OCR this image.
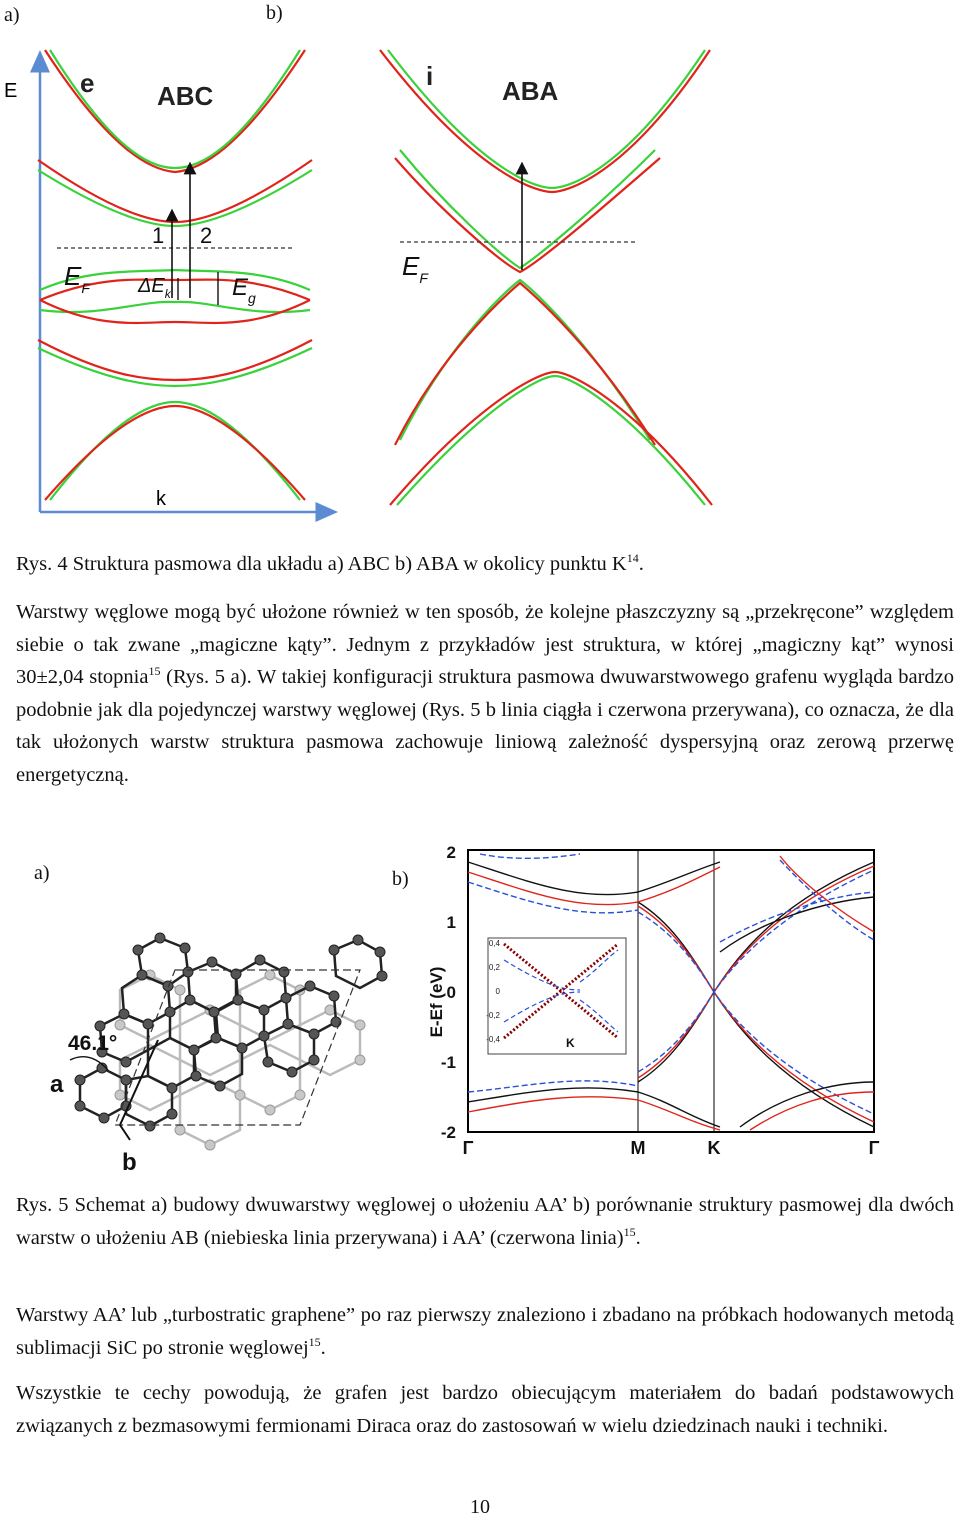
a)	b)
E
k
e ABC
1 2
$E_F$ $\Delta E_k$	$E_g$
i	ABA
$E_F$

Rys. 4 Struktura pasmowa dla układu a) ABC b) ABA w okolicy punktu $K^{14}$.

Warstwy węglowe mogą być ułożone również w ten sposób, że kolejne płaszczyzny są „przekręcone” względem siebie o tak zwane „magiczne kąty”. Jednym z przykładów jest struktura, w której „magiczny kąt” wynosi 30±2,04 stopnia$^{15}$ (Rys. 5 a). W takiej konfiguracji struktura pasmowa dwuwarstwowego grafenu wygląda bardzo podobnie jak dla pojedynczej warstwy węglowej (Rys. 5 b linia ciągła i czerwona przerywana), co oznacza, że dla tak ułożonych warstw struktura pasmowa zachowuje liniową zależność dyspersyjną oraz zerową przerwę energetyczną.

a)	b)
46.1°
a
b
E-Ef (eV)
2
1
0
-1
-2
Γ	M	K	Γ
0,4
0,2
0
-0,2
-0,4	K

Rys. 5 Schemat a) budowy dwuwarstwy węglowej o ułożeniu AA’ b) porównanie struktury pasmowej dla dwóch warstw o ułożeniu AB (niebieska linia przerywana) i AA’ (czerwona linia)$^{15}$.

Warstwy AA’ lub „turbostratic graphene” po raz pierwszy znaleziono i zbadano na próbkach hodowanych metodą sublimacji SiC po stronie węglowej$^{15}$.

Wszystkie te cechy powodują, że grafen jest bardzo obiecującym materiałem do badań podstawowych związanych z bezmasowymi fermionami Diraca oraz do zastosowań w wielu dziedzinach nauki i techniki.

10
